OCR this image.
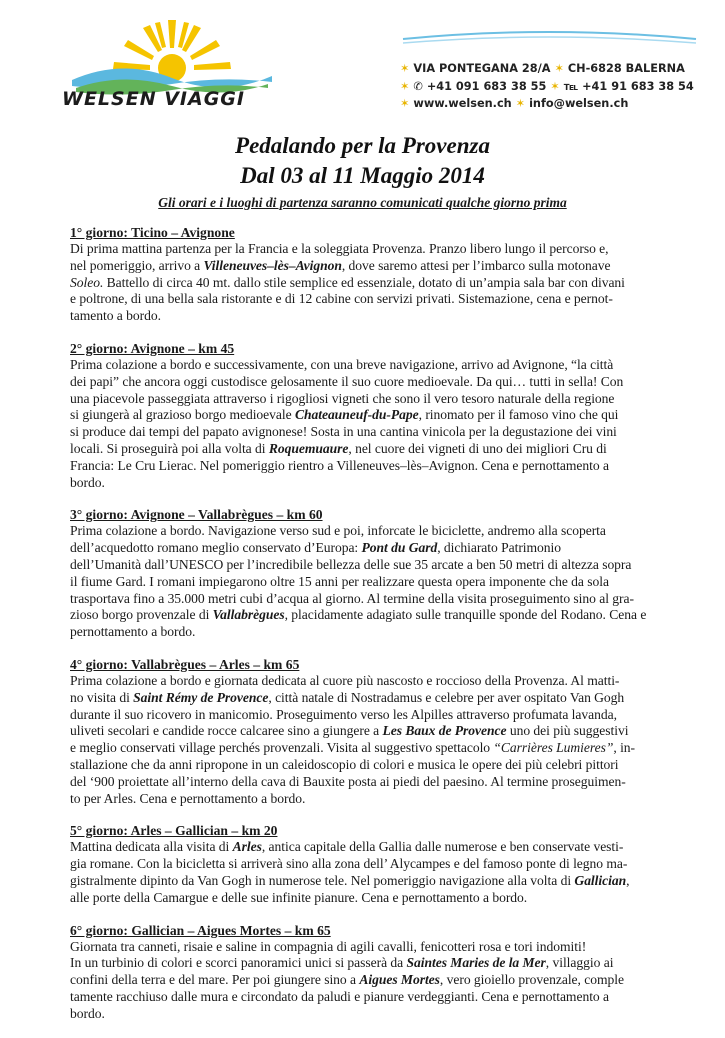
WELSEN VIAGGI
✶ VIA PONTEGANA 28/A ✶ CH-6828 BALERNA
✶ ✆ +41 091 683 38 55 ✶ ℡ +41 91 683 38 54
✶ www.welsen.ch ✶ info@welsen.ch
Pedalando per la Provenza
Dal 03 al 11 Maggio 2014
Gli orari e i luoghi di partenza saranno comunicati qualche giorno prima
1° giorno: Ticino – Avignone

Di prima mattina partenza per la Francia e la soleggiata Provenza. Pranzo libero lungo il percorso e,
nel pomeriggio, arrivo a Villeneuves–lès–Avignon, dove saremo attesi per l’imbarco sulla motonave
Soleo. Battello di circa 40 mt. dallo stile semplice ed essenziale, dotato di un’ampia sala bar con divani
e poltrone, di una bella sala ristorante e di 12 cabine con servizi privati. Sistemazione, cena e pernot-
tamento a bordo.

2° giorno: Avignone – km 45

Prima colazione a bordo e successivamente, con una breve navigazione, arrivo ad Avignone, “la città
dei papi” che ancora oggi custodisce gelosamente il suo cuore medioevale. Da qui… tutti in sella! Con
una piacevole passeggiata attraverso i rigogliosi vigneti che sono il vero tesoro naturale della regione
si giungerà al grazioso borgo medioevale Chateauneuf-du-Pape, rinomato per il famoso vino che qui
si produce dai tempi del papato avignonese! Sosta in una cantina vinicola per la degustazione dei vini
locali. Si proseguirà poi alla volta di Roquemuaure, nel cuore dei vigneti di uno dei migliori Cru di
Francia: Le Cru Lierac. Nel pomeriggio rientro a Villeneuves–lès–Avignon. Cena e pernottamento a
bordo.

3° giorno: Avignone – Vallabrègues – km 60

Prima colazione a bordo. Navigazione verso sud e poi, inforcate le biciclette, andremo alla scoperta
dell’acquedotto romano meglio conservato d’Europa: Pont du Gard, dichiarato Patrimonio
dell’Umanità dall’UNESCO per l’incredibile bellezza delle sue 35 arcate a ben 50 metri di altezza sopra
il fiume Gard. I romani impiegarono oltre 15 anni per realizzare questa opera imponente che da sola
trasportava fino a 35.000 metri cubi d’acqua al giorno. Al termine della visita proseguimento sino al gra-
zioso borgo provenzale di Vallabrègues, placidamente adagiato sulle tranquille sponde del Rodano. Cena e
pernottamento a bordo.

4° giorno: Vallabrègues – Arles – km 65

Prima colazione a bordo e giornata dedicata al cuore più nascosto e roccioso della Provenza. Al matti-
no visita di Saint Rémy de Provence, città natale di Nostradamus e celebre per aver ospitato Van Gogh
durante il suo ricovero in manicomio. Proseguimento verso les Alpilles attraverso profumata lavanda,
uliveti secolari e candide rocce calcaree sino a giungere a Les Baux de Provence uno dei più suggestivi
e meglio conservati village perchés provenzali. Visita al suggestivo spettacolo “Carrières Lumieres”, in-
stallazione che da anni ripropone in un caleidoscopio di colori e musica le opere dei più celebri pittori
del ‘900 proiettate all’interno della cava di Bauxite posta ai piedi del paesino. Al termine proseguimen-
to per Arles. Cena e pernottamento a bordo.

5° giorno: Arles – Gallician – km 20

Mattina dedicata alla visita di Arles, antica capitale della Gallia dalle numerose e ben conservate vesti-
gia romane. Con la bicicletta si arriverà sino alla zona dell’ Alycampes e del famoso ponte di legno ma-
gistralmente dipinto da Van Gogh in numerose tele. Nel pomeriggio navigazione alla volta di Gallician,
alle porte della Camargue e delle sue infinite pianure. Cena e pernottamento a bordo.

6° giorno: Gallician – Aigues Mortes – km 65

Giornata tra canneti, risaie e saline in compagnia di agili cavalli, fenicotteri rosa e tori indomiti!
In un turbinio di colori e scorci panoramici unici si passerà da Saintes Maries de la Mer, villaggio ai
confini della terra e del mare. Per poi giungere sino a Aigues Mortes, vero gioiello provenzale, comple
tamente racchiuso dalle mura e circondato da paludi e pianure verdeggianti. Cena e pernottamento a
bordo.
